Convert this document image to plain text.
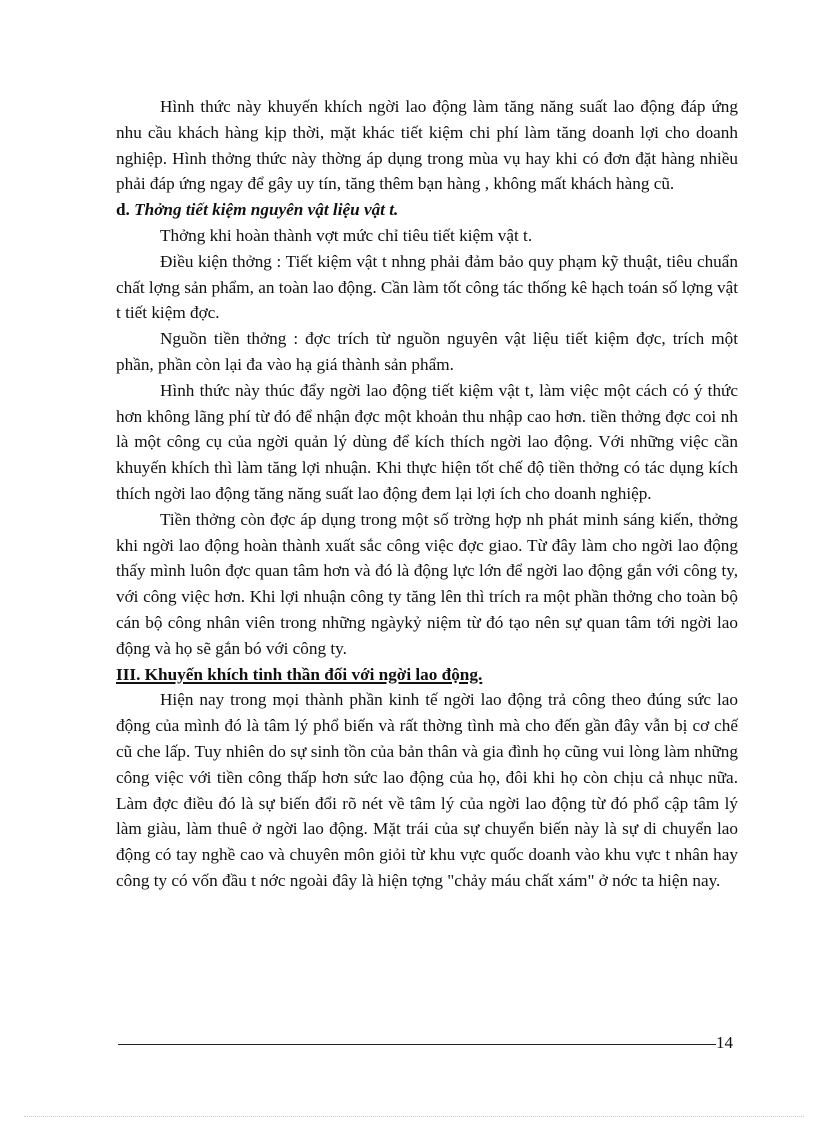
Hình thức này khuyến khích ngời lao động làm tăng năng suất lao động đáp ứng nhu cầu khách hàng kịp thời, mặt khác tiết kiệm chi phí làm tăng doanh lợi cho doanh nghiệp. Hình thởng thức này thờng áp dụng trong mùa vụ hay khi có đơn đặt hàng nhiều phải đáp ứng ngay để gây uy tín, tăng thêm bạn hàng , không mất khách hàng cũ.

d. Thởng tiết kiệm nguyên vật liệu vật t.

Thởng khi hoàn thành vợt mức chỉ tiêu tiết kiệm vật t.

Điều kiện thởng : Tiết kiệm vật t nhng phải đảm bảo quy phạm kỹ thuật, tiêu chuẩn chất lợng sản phẩm, an toàn lao động. Cần làm tốt công tác thống kê hạch toán số lợng vật t tiết kiệm đợc.

Nguồn tiền thởng : đợc trích từ nguồn nguyên vật liệu tiết kiệm đợc, trích một phần, phần còn lại đa vào hạ giá thành sản phẩm.

Hình thức này thúc đẩy ngời lao động tiết kiệm vật t, làm việc một cách có ý thức hơn không lãng phí từ đó để nhận đợc một khoản thu nhập cao hơn. tiền thởng đợc coi nh là một công cụ của ngời quản lý dùng để kích thích ngời lao động. Với những việc cần khuyến khích thì làm tăng lợi nhuận. Khi thực hiện tốt chế độ tiền thởng có tác dụng kích thích ngời lao động tăng năng suất lao động đem lại lợi ích cho doanh nghiệp.

Tiền thởng còn đợc áp dụng trong một số trờng hợp nh phát minh sáng kiến, thởng khi ngời lao động hoàn thành xuất sắc công việc đợc giao. Từ đây làm cho ngời lao động thấy mình luôn đợc quan tâm hơn và đó là động lực lớn để ngời lao động gắn với công ty, với công việc hơn. Khi lợi nhuận công ty tăng lên thì trích ra một phần thởng cho toàn bộ cán bộ công nhân viên trong những ngàykỷ niệm từ đó tạo nên sự quan tâm tới ngời lao động và họ sẽ gắn bó với công ty.

III. Khuyến khích tinh thần đối với ngời lao động.

Hiện nay trong mọi thành phần kinh tế ngời lao động trả công theo đúng sức lao động của mình đó là tâm lý phổ biến và rất thờng tình mà cho đến gần đây vẫn bị cơ chế cũ che lấp. Tuy nhiên do sự sinh tồn của bản thân và gia đình họ cũng vui lòng làm những công việc với tiền công thấp hơn sức lao động của họ, đôi khi họ còn chịu cả nhục nữa. Làm đợc điều đó là sự biến đổi rõ nét về tâm lý của ngời lao động từ đó phổ cập tâm lý làm giàu, làm thuê ở ngời lao động. Mặt trái của sự chuyển biến này là sự di chuyển lao động có tay nghề cao và chuyên môn giỏi từ khu vực quốc doanh vào khu vực t nhân hay công ty có vốn đầu t nớc ngoài đây là hiện tợng "chảy máu chất xám" ở nớc ta hiện nay.

14
